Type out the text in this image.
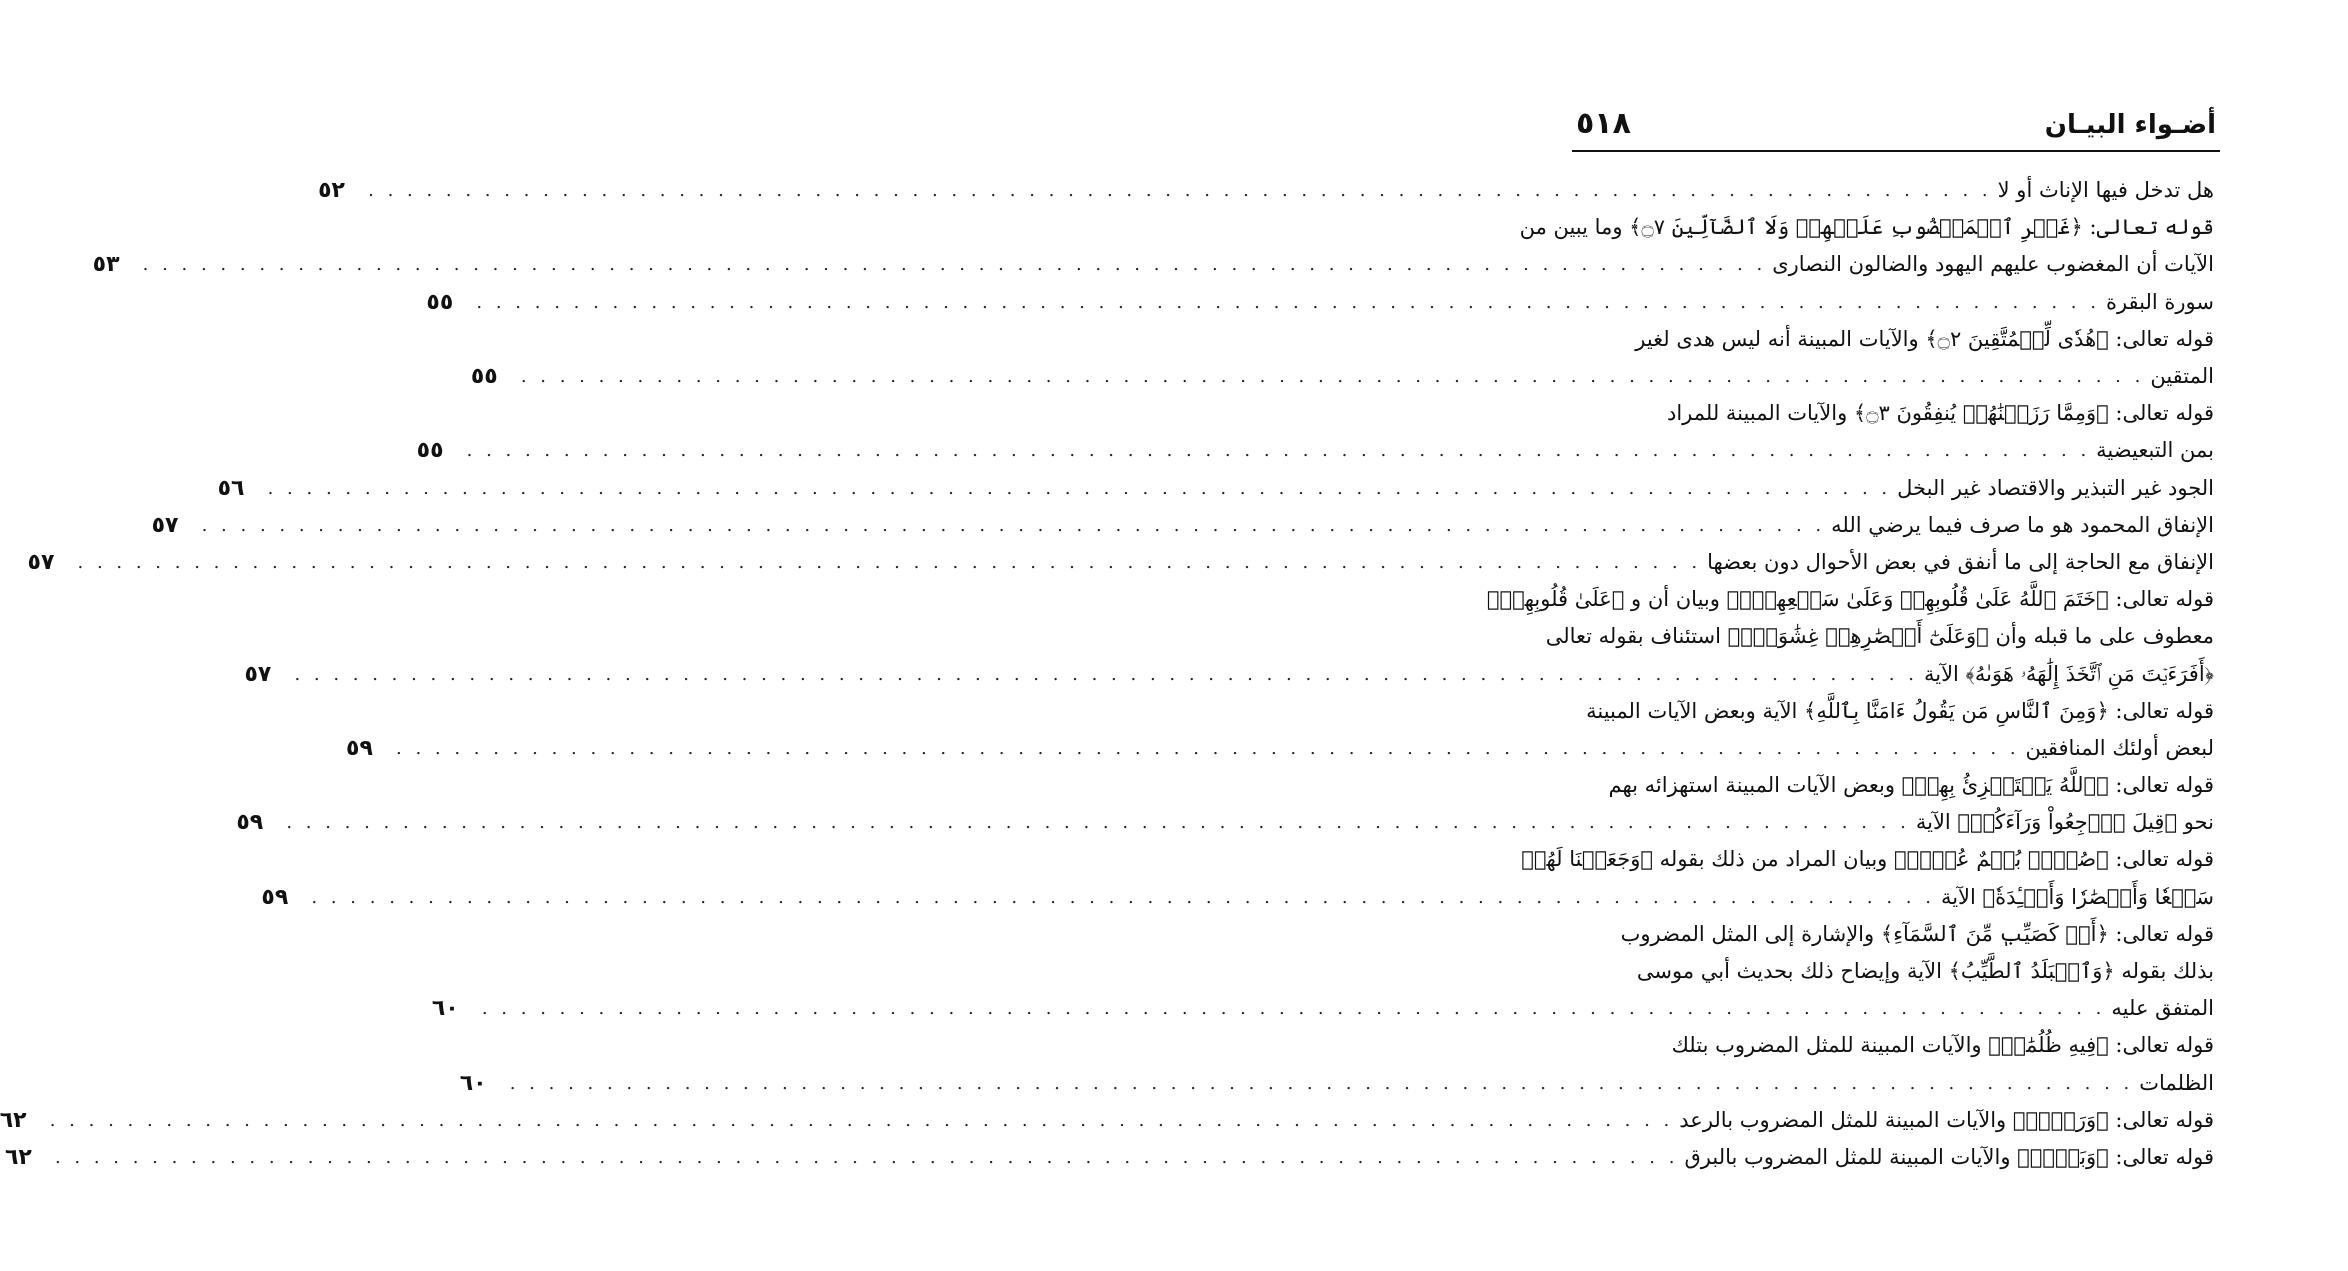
أضـواء البيـان
٥١٨
هل تدخل فيها الإناث أو لا
. . .
٥٢
قوله تعالى: ﴿غَيۡرِ ٱلۡمَغۡضُوبِ عَلَيۡهِمۡ وَلَا ٱلضَّآلِّينَ ۝٧﴾ وما يبين من
الآيات أن المغضوب عليهم اليهود والضالون النصارى
. . .
٥٣
سورة البقرة
. . .
٥٥
قوله تعالى: ﴿هُدٗى لِّلۡمُتَّقِينَ ۝٢﴾ والآيات المبينة أنه ليس هدى لغير
المتقين
. . .
٥٥
قوله تعالى: ﴿وَمِمَّا رَزَقۡنَٰهُمۡ يُنفِقُونَ ۝٣﴾ والآيات المبينة للمراد
بمن التبعيضية
. . .
٥٥
الجود غير التبذير والاقتصاد غير البخل
. . .
٥٦
الإنفاق المحمود هو ما صرف فيما يرضي الله
. . .
٥٧
الإنفاق مع الحاجة إلى ما أنفق في بعض الأحوال دون بعضها
. . .
٥٧
قوله تعالى: ﴿خَتَمَ ٱللَّهُ عَلَىٰ قُلُوبِهِمۡ وَعَلَىٰ سَمۡعِهِمۡۖ﴾ وبيان أن و ﴿عَلَىٰ قُلُوبِهِمۡ﴾
معطوف على ما قبله وأن ﴿وَعَلَىٰٓ أَبۡصَٰرِهِمۡ غِشَٰوَةٞۖ﴾ استئناف بقوله تعالى
﴿أَفَرَءَيۡتَ مَنِ ٱتَّخَذَ إِلَٰهَهُۥ هَوَىٰهُ﴾ الآية
. . .
٥٧
قوله تعالى: ﴿وَمِنَ ٱلنَّاسِ مَن يَقُولُ ءَامَنَّا بِٱللَّهِ﴾ الآية وبعض الآيات المبينة
لبعض أولئك المنافقين
. . .
٥٩
قوله تعالى: ﴿ٱللَّهُ يَسۡتَهۡزِئُ بِهِمۡ﴾ وبعض الآيات المبينة استهزائه بهم
نحو ﴿قِيلَ ٱرۡجِعُواْ وَرَآءَكُمۡ﴾ الآية
. . .
٥٩
قوله تعالى: ﴿صُمُّۢ بُكۡمٌ عُمۡيٞ﴾ وبيان المراد من ذلك بقوله ﴿وَجَعَلۡنَا لَهُمۡ
سَمۡعٗا وَأَبۡصَٰرٗا وَأَفۡـِٔدَةٗ﴾ الآية
. . .
٥٩
قوله تعالى: ﴿أَوۡ كَصَيِّبٖ مِّنَ ٱلسَّمَآءِ﴾ والإشارة إلى المثل المضروب
بذلك بقوله ﴿وَٱلۡبَلَدُ ٱلطَّيِّبُ﴾ الآية وإيضاح ذلك بحديث أبي موسى
المتفق عليه
. . .
٦٠
قوله تعالى: ﴿فِيهِ ظُلُمَٰتٞ﴾ والآيات المبينة للمثل المضروب بتلك
الظلمات
. . .
٦٠
قوله تعالى: ﴿وَرَعۡدٞ﴾ والآيات المبينة للمثل المضروب بالرعد
. . .
٦٢
قوله تعالى: ﴿وَبَرۡقٞ﴾ والآيات المبينة للمثل المضروب بالبرق
. . .
٦٢
